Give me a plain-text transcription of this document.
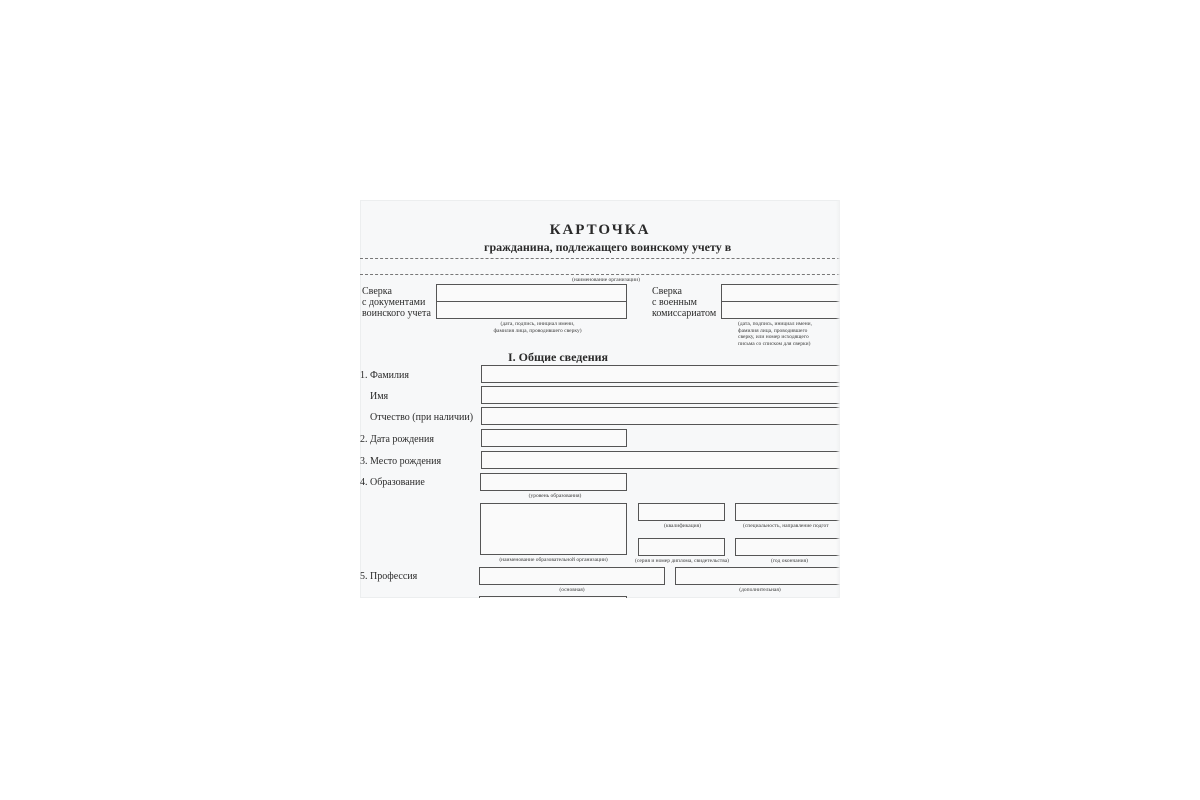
КАРТОЧКА
гражданина, подлежащего воинскому учету в
(наименование организации)
Сверка
с документами
воинского учета
(дата, подпись, инициал имени,
фамилия лица, проводившего сверку)
Сверка
с военным
комиссариатом
(дата, подпись, инициал имени,
фамилия лица, проводившего
сверку, или номер исходящего
письма со списком для сверки)
I. Общие сведения
1. Фамилия
Имя
Отчество (при наличии)
2. Дата рождения
3. Место рождения
4. Образование
(уровень образования)
(квалификация)	(специальность, направление подгот
(наименование образовательной организации)	(серия и номер диплома, свидетельства)	(год окончания)
5. Профессия
(основная)	(дополнительная)
